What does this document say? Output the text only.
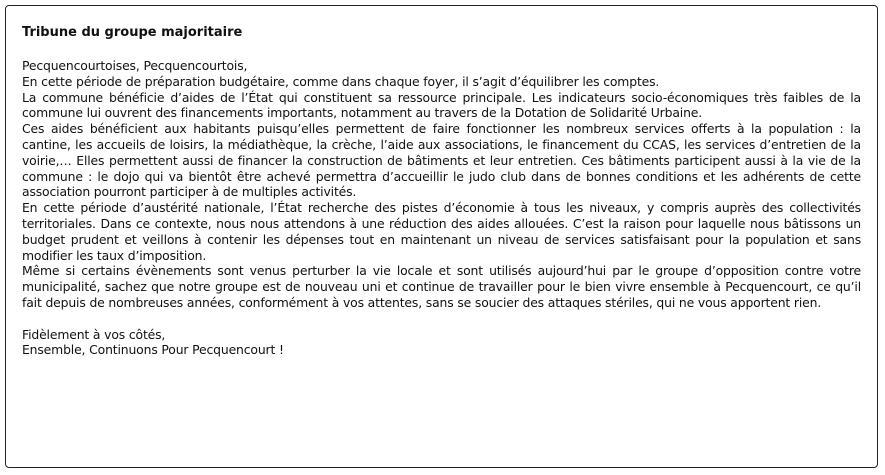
Tribune du groupe majoritaire

Pecquencourtoises, Pecquencourtois,

En cette période de préparation budgétaire, comme dans chaque foyer, il s’agit d’équilibrer les comptes.

La commune bénéficie d’aides de l’État qui constituent sa ressource principale. Les indicateurs socio-économiques très faibles de la commune lui ouvrent des financements importants, notamment au travers de la Dotation de Solidarité Urbaine.

Ces aides bénéficient aux habitants puisqu’elles permettent de faire fonctionner les nombreux services offerts à la population : la cantine, les accueils de loisirs, la médiathèque, la crèche, l’aide aux associations, le financement du CCAS, les services d’entretien de la voirie,… Elles permettent aussi de financer la construction de bâtiments et leur entretien. Ces bâtiments participent aussi à la vie de la commune : le dojo qui va bientôt être achevé permettra d’accueillir le judo club dans de bonnes conditions et les adhérents de cette association pourront participer à de multiples activités.

En cette période d’austérité nationale, l’État recherche des pistes d’économie à tous les niveaux, y compris auprès des collectivités territoriales. Dans ce contexte, nous nous attendons à une réduction des aides allouées. C’est la raison pour laquelle nous bâtissons un budget prudent et veillons à contenir les dépenses tout en maintenant un niveau de services satisfaisant pour la population et sans modifier les taux d’imposition.

Même si certains évènements sont venus perturber la vie locale et sont utilisés aujourd’hui par le groupe d’opposition contre votre municipalité, sachez que notre groupe est de nouveau uni et continue de travailler pour le bien vivre ensemble à Pecquencourt, ce qu’il fait depuis de nombreuses années, conformément à vos attentes, sans se soucier des attaques stériles, qui ne vous apportent rien.

Fidèlement à vos côtés,

Ensemble, Continuons Pour Pecquencourt !
